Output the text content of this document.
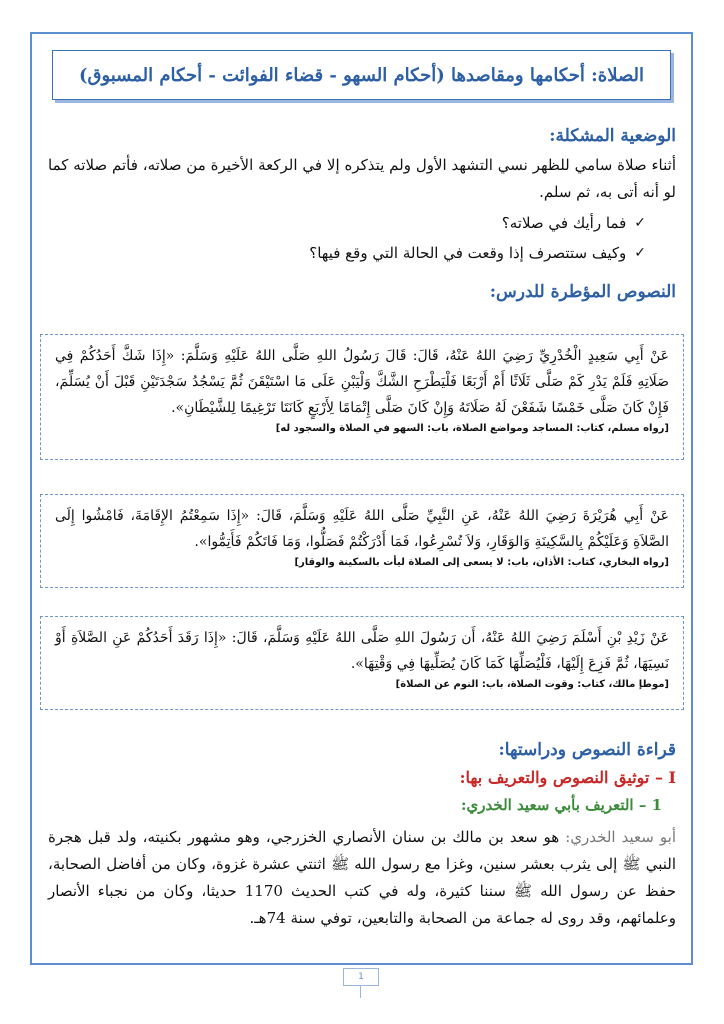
الصلاة: أحكامها ومقاصدها (أحكام السهو - قضاء الفوائت - أحكام المسبوق)
الوضعية المشكلة:
أثناء صلاة سامي للظهر نسي التشهد الأول ولم يتذكره إلا في الركعة الأخيرة من صلاته، فأتم صلاته كما لو أنه أتى به، ثم سلم.
✓
فما رأيك في صلاته؟
✓
وكيف ستتصرف إذا وقعت في الحالة التي وقع فيها؟
النصوص المؤطرة للدرس:
عَنْ أَبِي سَعِيدٍ الْخُدْرِيِّ رَضِيَ اللهُ عَنْهُ، قَالَ: قَالَ رَسُولُ اللهِ صَلَّى اللهُ عَلَيْهِ وَسَلَّمَ: «إِذَا شَكَّ أَحَدُكُمْ فِي صَلَاتِهِ فَلَمْ يَدْرِ كَمْ صَلَّى ثَلَاثًا أَمْ أَرْبَعًا فَلْيَطْرَحِ الشَّكَّ وَلْيَبْنِ عَلَى مَا اسْتَيْقَنَ ثُمَّ يَسْجُدُ سَجْدَتَيْنِ قَبْلَ أَنْ يُسَلِّمَ، فَإِنْ كَانَ صَلَّى خَمْسًا شَفَعْنَ لَهُ صَلَاتَهُ وَإِنْ كَانَ صَلَّى إِتْمَامًا لِأَرْبَعٍ كَانَتَا تَرْغِيمًا لِلشَّيْطَانِ».
[رواه مسلم، كتاب: المساجد ومواضع الصلاة، باب: السهو في الصلاة والسجود له]
عَنْ أَبِي هُرَيْرَةَ رَضِيَ اللهُ عَنْهُ، عَنِ النَّبِيِّ صَلَّى اللهُ عَلَيْهِ وَسَلَّمَ، قَالَ: «إِذَا سَمِعْتُمُ الإِقَامَةَ، فَامْشُوا إِلَى الصَّلاَةِ وَعَلَيْكُمْ بِالسَّكِينَةِ وَالوَقَارِ، وَلاَ تُسْرِعُوا، فَمَا أَدْرَكْتُمْ فَصَلُّوا، وَمَا فَاتَكُمْ فَأَتِمُّوا».
[رواه البخاري، كتاب: الأذان، باب: لا يسعى إلى الصلاة ليأت بالسكينة والوقار]
عَنْ زَيْدِ بْنِ أَسْلَمَ رَضِيَ اللهُ عَنْهُ، أَن رَسُولَ اللهِ صَلَّى اللهُ عَلَيْهِ وَسَلَّمَ، قَالَ: «إِذَا رَقَدَ أَحَدُكُمْ عَنِ الصَّلاَةِ أَوْ نَسِيَهَا، ثُمَّ فَزِعَ إِلَيْهَا، فَلْيُصَلِّهَا كَمَا كَانَ يُصَلِّيهَا فِي وَقْتِهَا».
[موطإ مالك، كتاب: وقوت الصلاة، باب: النوم عن الصلاة]
قراءة النصوص ودراستها:
I – توثيق النصوص والتعريف بها:
1 – التعريف بأبي سعيد الخدري:
أبو سعيد الخدري: هو سعد بن مالك بن سنان الأنصاري الخزرجي، وهو مشهور بكنيته، ولد قبل هجرة النبي ﷺ إلى يثرب بعشر سنين، وغزا مع رسول الله ﷺ اثنتي عشرة غزوة، وكان من أفاضل الصحابة، حفظ عن رسول الله ﷺ سننا كثيرة، وله في كتب الحديث 1170 حديثا، وكان من نجباء الأنصار وعلمائهم، وقد روى له جماعة من الصحابة والتابعين، توفي سنة 74هـ.
1
